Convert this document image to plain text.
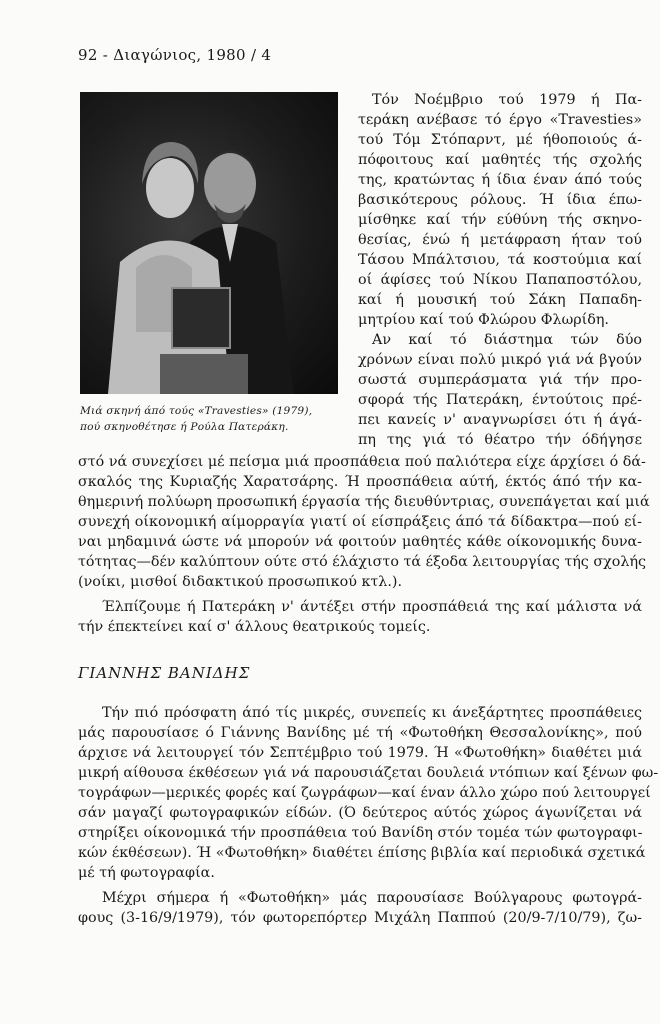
92 - Διαγώνιος, 1980 / 4
Μιά σκηνή άπό τούς «Travesties» (1979),
πού σκηνοθέτησε ή Ρούλα Πατεράκη.
Τόν Νοέμβριο τού 1979 ή Πα-
τεράκη ανέβασε τό έργο «Travesties»
τού Τόμ Στόπαρντ, μέ ήθοποιούς ά-
πόφοιτους καί μαθητές τής σχολής
της, κρατώντας ή ίδια έναν άπό τούς
βασικότερους ρόλους. Ή ίδια έπω-
μίσθηκε καί τήν εύθύνη τής σκηνο-
θεσίας, ένώ ή μετάφραση ήταν τού
Τάσου Μπάλτσιου, τά κοστούμια καί
οί άφίσες τού Νίκου Παπαποστόλου,
καί ή μουσική τού Σάκη Παπαδη-
μητρίου καί τού Φλώρου Φλωρίδη.
Αν καί τό διάστημα τών δύο
χρόνων είναι πολύ μικρό γιά νά βγούν
σωστά συμπεράσματα γιά τήν προ-
σφορά τής Πατεράκη, έντούτοις πρέ-
πει κανείς ν' αναγνωρίσει ότι ή άγά-
πη της γιά τό θέατρο τήν όδήγησε
στό νά συνεχίσει μέ πείσμα μιά προσπάθεια πού παλιότερα είχε άρχίσει ό δά-
σκαλός της Κυριαζής Χαρατσάρης. Ή προσπάθεια αύτή, έκτός άπό τήν κα-
θημερινή πολύωρη προσωπική έργασία τής διευθύντριας, συνεπάγεται καί μιά
συνεχή οίκονομική αίμορραγία γιατί οί είσπράξεις άπό τά δίδακτρα—πού εί-
ναι μηδαμινά ώστε νά μπορούν νά φοιτούν μαθητές κάθε οίκονομικής δυνα-
τότητας—δέν καλύπτουν ούτε στό έλάχιστο τά έξοδα λειτουργίας τής σχολής
(νοίκι, μισθοί διδακτικού προσωπικού κτλ.).
Έλπίζουμε ή Πατεράκη ν' άντέξει στήν προσπάθειά της καί μάλιστα νά
τήν έπεκτείνει καί σ' άλλους θεατρικούς τομείς.
ΓΙΑΝΝΗΣ ΒΑΝΙΔΗΣ
Τήν πιό πρόσφατη άπό τίς μικρές, συνεπείς κι άνεξάρτητες προσπάθειες
μάς παρουσίασε ό Γιάννης Βανίδης μέ τή «Φωτοθήκη Θεσσαλονίκης», πού
άρχισε νά λειτουργεί τόν Σεπτέμβριο τού 1979. Ή «Φωτοθήκη» διαθέτει μιά
μικρή αίθουσα έκθέσεων γιά νά παρουσιάζεται δουλειά ντόπιων καί ξένων φω-
τογράφων—μερικές φορές καί ζωγράφων—καί έναν άλλο χώρο πού λειτουργεί
σάν μαγαζί φωτογραφικών είδών. (Ό δεύτερος αύτός χώρος άγωνίζεται νά
στηρίξει οίκονομικά τήν προσπάθεια τού Βανίδη στόν τομέα τών φωτογραφι-
κών έκθέσεων). Ή «Φωτοθήκη» διαθέτει έπίσης βιβλία καί περιοδικά σχετικά
μέ τή φωτογραφία.
Μέχρι σήμερα ή «Φωτοθήκη» μάς παρουσίασε Βούλγαρους φωτογρά-
φους (3-16/9/1979), τόν φωτορεπόρτερ Μιχάλη Παππού (20/9-7/10/79), ζω-
